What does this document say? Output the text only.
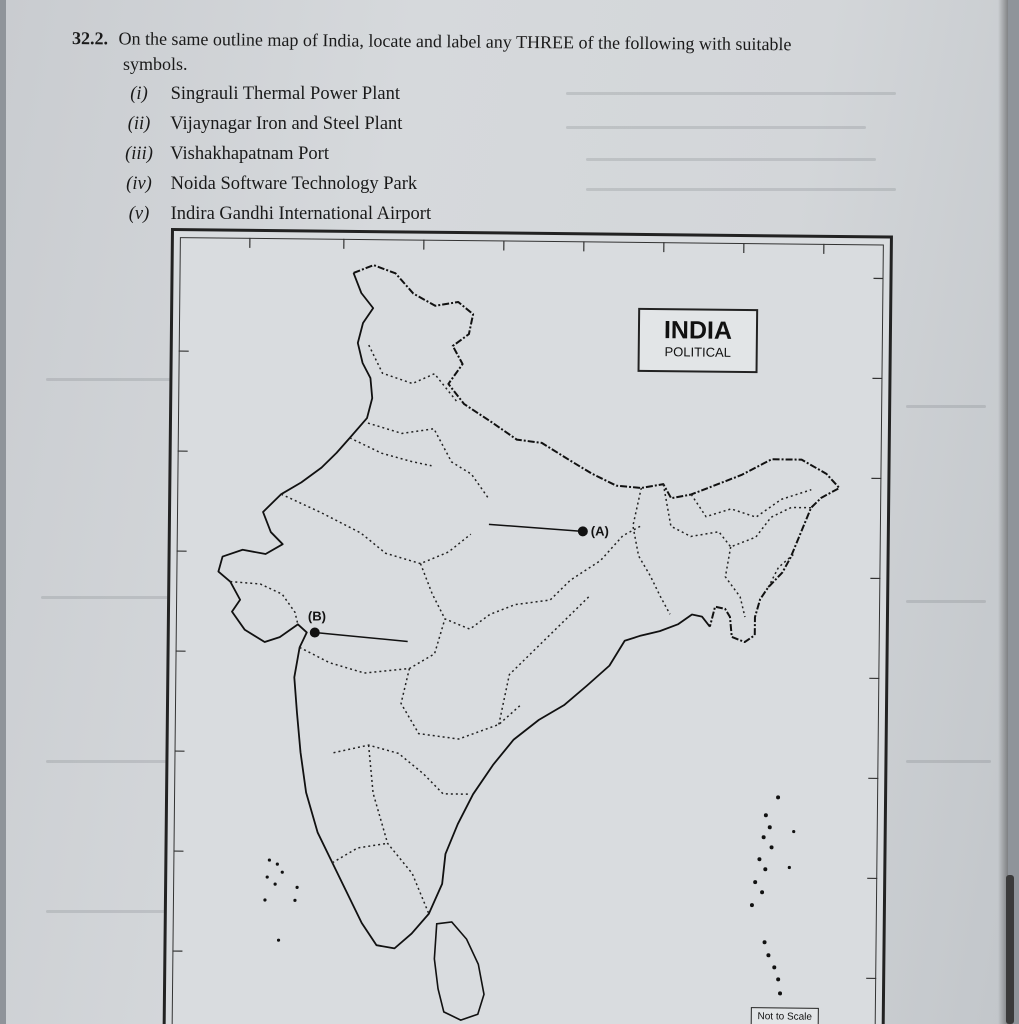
32.2. On the same outline map of India, locate and label any THREE of the following with suitable
symbols.
(i) Singrauli Thermal Power Plant
(ii) Vijaynagar Iron and Steel Plant
(iii) Vishakhapatnam Port
(iv) Noida Software Technology Park
(v) Indira Gandhi International Airport
(A)
(B)
INDIA
POLITICAL
Not to Scale
